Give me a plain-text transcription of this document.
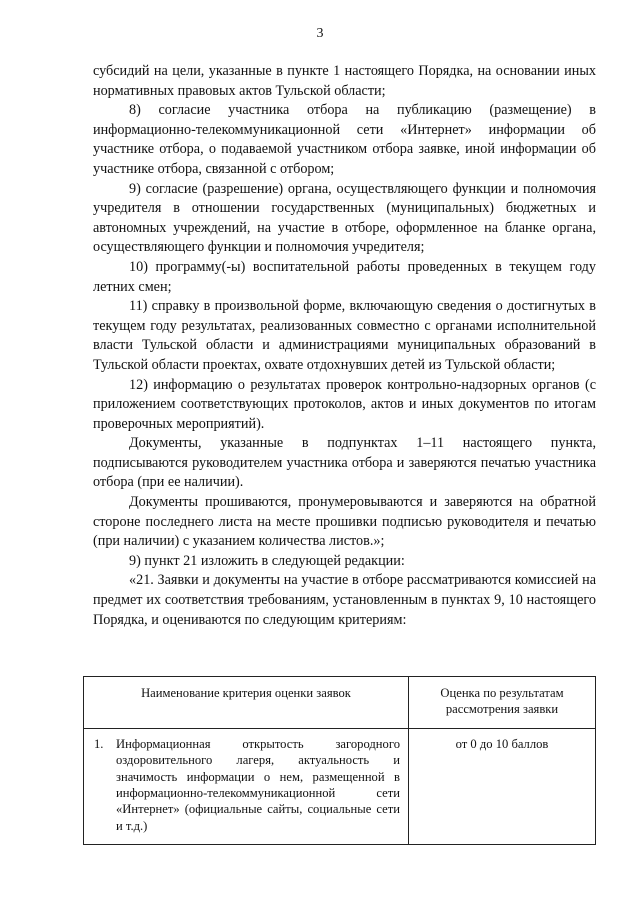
3

субсидий на цели, указанные в пункте 1 настоящего Порядка, на основании иных нормативных правовых актов Тульской области;

8) согласие участника отбора на публикацию (размещение) в информационно-телекоммуникационной сети «Интернет» информации об участнике отбора, о подаваемой участником отбора заявке, иной информации об участнике отбора, связанной с отбором;

9) согласие (разрешение) органа, осуществляющего функции и полномочия учредителя в отношении государственных (муниципальных) бюджетных и автономных учреждений, на участие в отборе, оформленное на бланке органа, осуществляющего функции и полномочия учредителя;

10) программу(-ы) воспитательной работы проведенных в текущем году летних смен;

11) справку в произвольной форме, включающую сведения о достигнутых в текущем году результатах, реализованных совместно с органами исполнительной власти Тульской области и администрациями муниципальных образований в Тульской области проектах, охвате отдохнувших детей из Тульской области;

12) информацию о результатах проверок контрольно-надзорных органов (с приложением соответствующих протоколов, актов и иных документов по итогам проверочных мероприятий).

Документы, указанные в подпунктах 1–11 настоящего пункта, подписываются руководителем участника отбора и заверяются печатью участника отбора (при ее наличии).

Документы прошиваются, пронумеровываются и заверяются на обратной стороне последнего листа на месте прошивки подписью руководителя и печатью (при наличии) с указанием количества листов.»;

9) пункт 21 изложить в следующей редакции:

«21. Заявки и документы на участие в отборе рассматриваются комиссией на предмет их соответствия требованиям, установленным в пунктах 9, 10 настоящего Порядка, и оцениваются по следующим критериям:

Наименование критерия оценки заявок	Оценка по результатам рассмотрения заявки

1. Информационная открытость загородного оздоровительного лагеря, актуальность и значимость информации о нем, размещенной в информационно-телекоммуникационной сети «Интернет» (официальные сайты, социальные сети и т.д.)	от 0 до 10 баллов
